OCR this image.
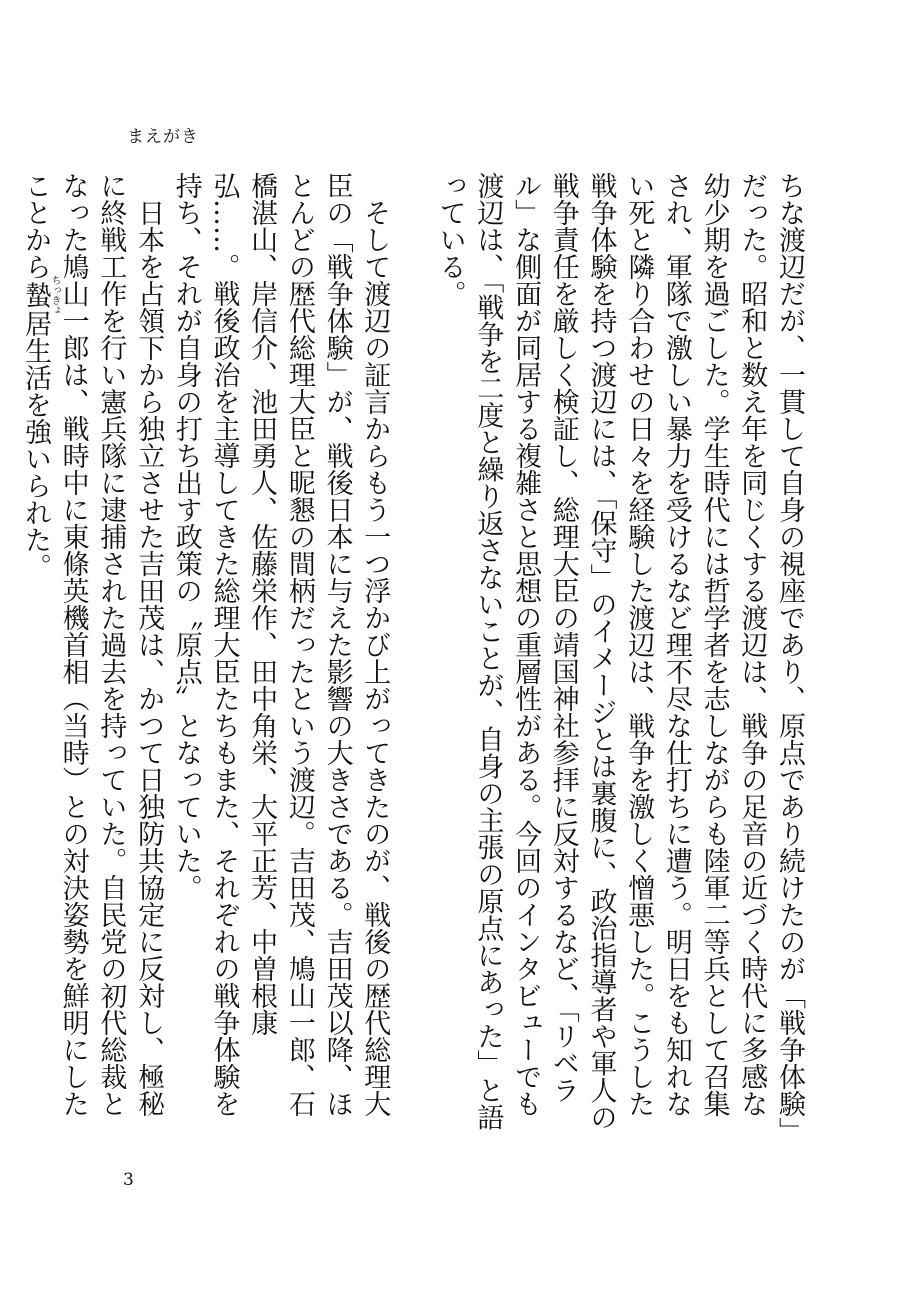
まえがき

ちな渡辺だが、一貫して自身の視座であり、原点であり続けたのが「戦争体験」だった。昭和と数え年を同じくする渡辺は、戦争の足音の近づく時代に多感な幼少期を過ごした。学生時代には哲学者を志しながらも陸軍二等兵として召集され、軍隊で激しい暴力を受けるなど理不尽な仕打ちに遭う。明日をも知れない死と隣り合わせの日々を経験した渡辺は、戦争を激しく憎悪した。こうした戦争体験を持つ渡辺には、「保守」のイメージとは裏腹に、政治指導者や軍人の戦争責任を厳しく検証し、総理大臣の靖国神社参拝に反対するなど、「リベラル」な側面が同居する複雑さと思想の重層性がある。今回のインタビューでも渡辺は、「戦争を二度と繰り返さないことが、自身の主張の原点にあった」と語っている。

そして渡辺の証言からもう一つ浮かび上がってきたのが、戦後の歴代総理大臣の「戦争体験」が、戦後日本に与えた影響の大きさである。吉田茂以降、ほとんどの歴代総理大臣と昵懇の間柄だったという渡辺。吉田茂、鳩山一郎、石橋湛山、岸信介、池田勇人、佐藤栄作、田中角栄、大平正芳、中曽根康弘……。戦後政治を主導してきた総理大臣たちもまた、それぞれの戦争体験を持ち、それが自身の打ち出す政策の〝原点〟となっていた。

日本を占領下から独立させた吉田茂は、かつて日独防共協定に反対し、極秘に終戦工作を行い憲兵隊に逮捕された過去を持っていた。自民党の初代総裁となった鳩山一郎は、戦時中に東條英機首相（当時）との対決姿勢を鮮明にしたことから蟄ちっきょ居生活を強いられた。

3
